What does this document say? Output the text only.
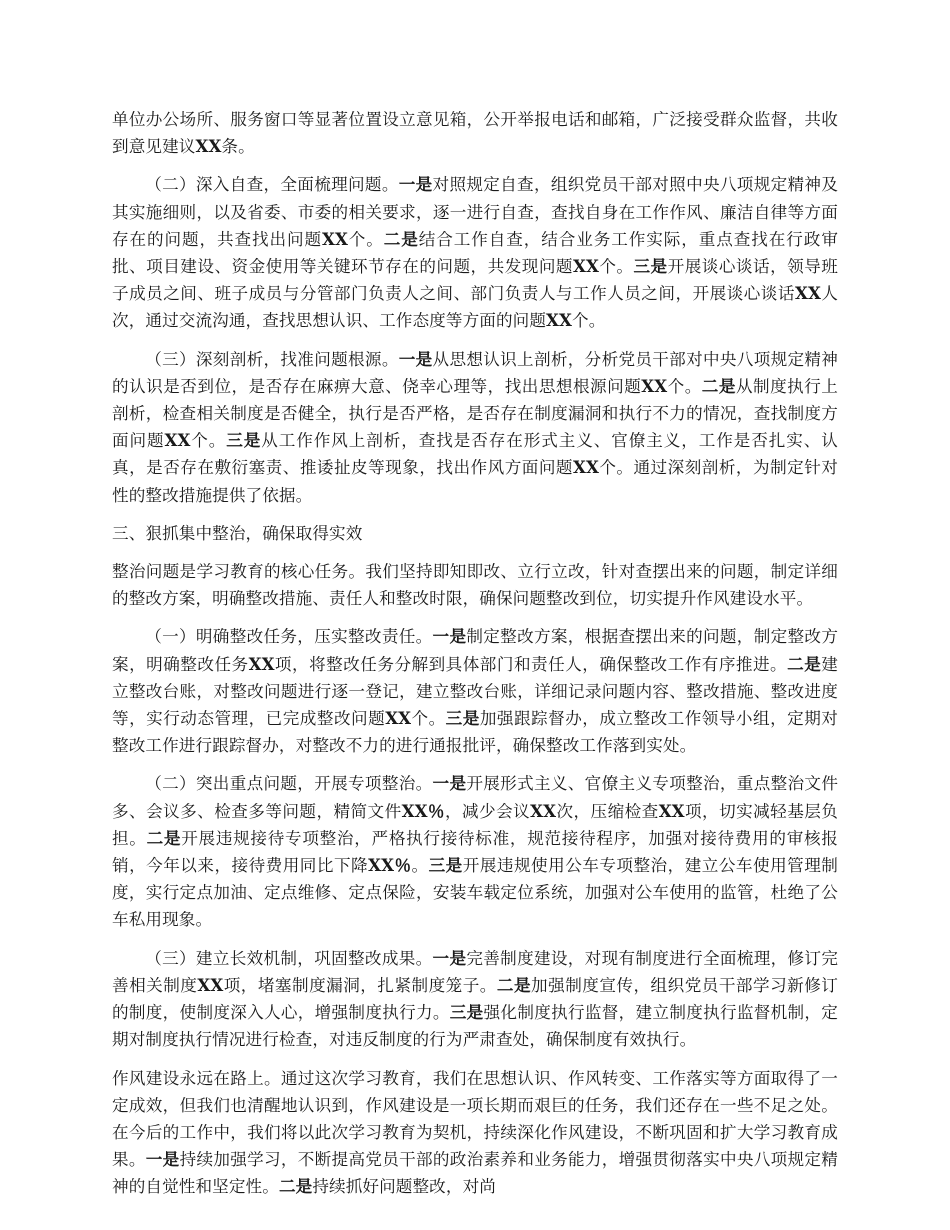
单位办公场所、服务窗口等显著位置设立意见箱，公开举报电话和邮箱，广泛接受群众监督，共收到意见建议XX条。

（二）深入自查，全面梳理问题。一是对照规定自查，组织党员干部对照中央八项规定精神及其实施细则，以及省委、市委的相关要求，逐一进行自查，查找自身在工作作风、廉洁自律等方面存在的问题，共查找出问题XX个。二是结合工作自查，结合业务工作实际，重点查找在行政审批、项目建设、资金使用等关键环节存在的问题，共发现问题XX个。三是开展谈心谈话，领导班子成员之间、班子成员与分管部门负责人之间、部门负责人与工作人员之间，开展谈心谈话XX人次，通过交流沟通，查找思想认识、工作态度等方面的问题XX个。

（三）深刻剖析，找准问题根源。一是从思想认识上剖析，分析党员干部对中央八项规定精神的认识是否到位，是否存在麻痹大意、侥幸心理等，找出思想根源问题XX个。二是从制度执行上剖析，检查相关制度是否健全，执行是否严格，是否存在制度漏洞和执行不力的情况，查找制度方面问题XX个。三是从工作作风上剖析，查找是否存在形式主义、官僚主义，工作是否扎实、认真，是否存在敷衍塞责、推诿扯皮等现象，找出作风方面问题XX个。通过深刻剖析，为制定针对性的整改措施提供了依据。

三、狠抓集中整治，确保取得实效

整治问题是学习教育的核心任务。我们坚持即知即改、立行立改，针对查摆出来的问题，制定详细的整改方案，明确整改措施、责任人和整改时限，确保问题整改到位，切实提升作风建设水平。

（一）明确整改任务，压实整改责任。一是制定整改方案，根据查摆出来的问题，制定整改方案，明确整改任务XX项，将整改任务分解到具体部门和责任人，确保整改工作有序推进。二是建立整改台账，对整改问题进行逐一登记，建立整改台账，详细记录问题内容、整改措施、整改进度等，实行动态管理，已完成整改问题XX个。三是加强跟踪督办，成立整改工作领导小组，定期对整改工作进行跟踪督办，对整改不力的进行通报批评，确保整改工作落到实处。

（二）突出重点问题，开展专项整治。一是开展形式主义、官僚主义专项整治，重点整治文件多、会议多、检查多等问题，精简文件XX％，减少会议XX次，压缩检查XX项，切实减轻基层负担。二是开展违规接待专项整治，严格执行接待标准，规范接待程序，加强对接待费用的审核报销，今年以来，接待费用同比下降XX％。三是开展违规使用公车专项整治，建立公车使用管理制度，实行定点加油、定点维修、定点保险，安装车载定位系统，加强对公车使用的监管，杜绝了公车私用现象。

（三）建立长效机制，巩固整改成果。一是完善制度建设，对现有制度进行全面梳理，修订完善相关制度XX项，堵塞制度漏洞，扎紧制度笼子。二是加强制度宣传，组织党员干部学习新修订的制度，使制度深入人心，增强制度执行力。三是强化制度执行监督，建立制度执行监督机制，定期对制度执行情况进行检查，对违反制度的行为严肃查处，确保制度有效执行。

作风建设永远在路上。通过这次学习教育，我们在思想认识、作风转变、工作落实等方面取得了一定成效，但我们也清醒地认识到，作风建设是一项长期而艰巨的任务，我们还存在一些不足之处。在今后的工作中，我们将以此次学习教育为契机，持续深化作风建设，不断巩固和扩大学习教育成果。一是持续加强学习，不断提高党员干部的政治素养和业务能力，增强贯彻落实中央八项规定精神的自觉性和坚定性。二是持续抓好问题整改，对尚
